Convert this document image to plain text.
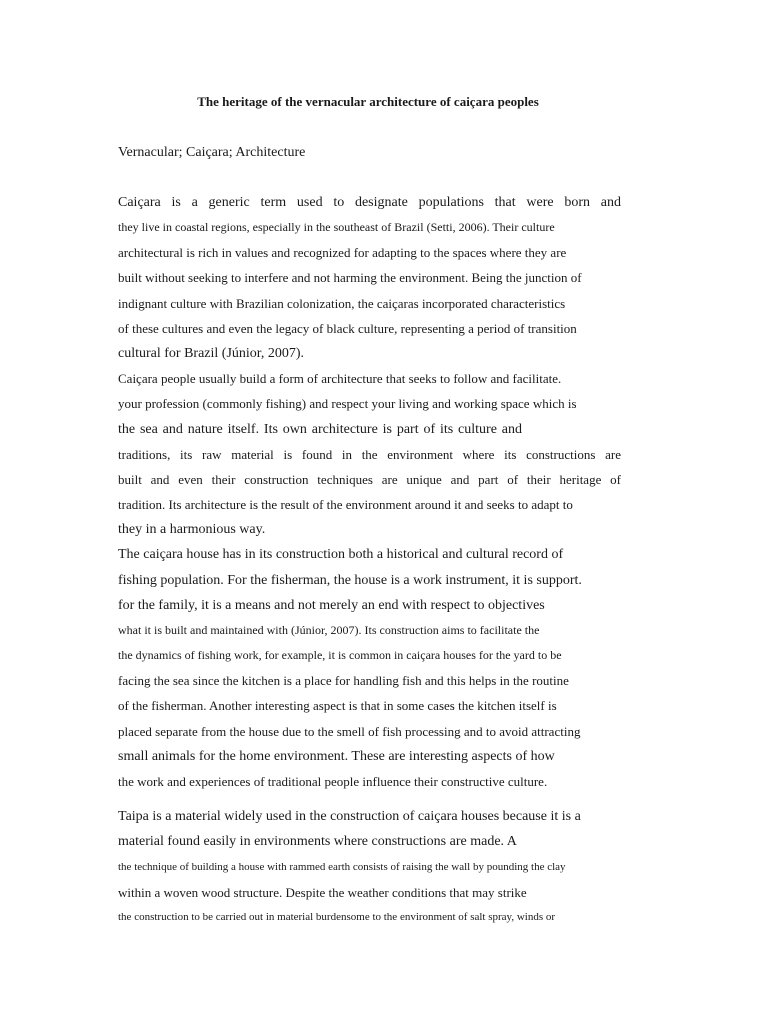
The heritage of the vernacular architecture of caiçara peoples

Vernacular; Caiçara; Architecture

Caiçara is a generic term used to designate populations that were born and

they live in coastal regions, especially in the southeast of Brazil (Setti, 2006). Their culture

architectural is rich in values and recognized for adapting to the spaces where they are

built without seeking to interfere and not harming the environment. Being the junction of

indignant culture with Brazilian colonization, the caiçaras incorporated characteristics

of these cultures and even the legacy of black culture, representing a period of transition

cultural for Brazil (Júnior, 2007).

Caiçara people usually build a form of architecture that seeks to follow and facilitate.

your profession (commonly fishing) and respect your living and working space which is

the sea and nature itself. Its own architecture is part of its culture and

traditions, its raw material is found in the environment where its constructions are

built and even their construction techniques are unique and part of their heritage of

tradition. Its architecture is the result of the environment around it and seeks to adapt to

they in a harmonious way.

The caiçara house has in its construction both a historical and cultural record of

fishing population. For the fisherman, the house is a work instrument, it is support.

for the family, it is a means and not merely an end with respect to objectives

what it is built and maintained with (Júnior, 2007). Its construction aims to facilitate the

the dynamics of fishing work, for example, it is common in caiçara houses for the yard to be

facing the sea since the kitchen is a place for handling fish and this helps in the routine

of the fisherman. Another interesting aspect is that in some cases the kitchen itself is

placed separate from the house due to the smell of fish processing and to avoid attracting

small animals for the home environment. These are interesting aspects of how

the work and experiences of traditional people influence their constructive culture.

Taipa is a material widely used in the construction of caiçara houses because it is a

material found easily in environments where constructions are made. A

the technique of building a house with rammed earth consists of raising the wall by pounding the clay

within a woven wood structure. Despite the weather conditions that may strike

the construction to be carried out in material burdensome to the environment of salt spray, winds or
